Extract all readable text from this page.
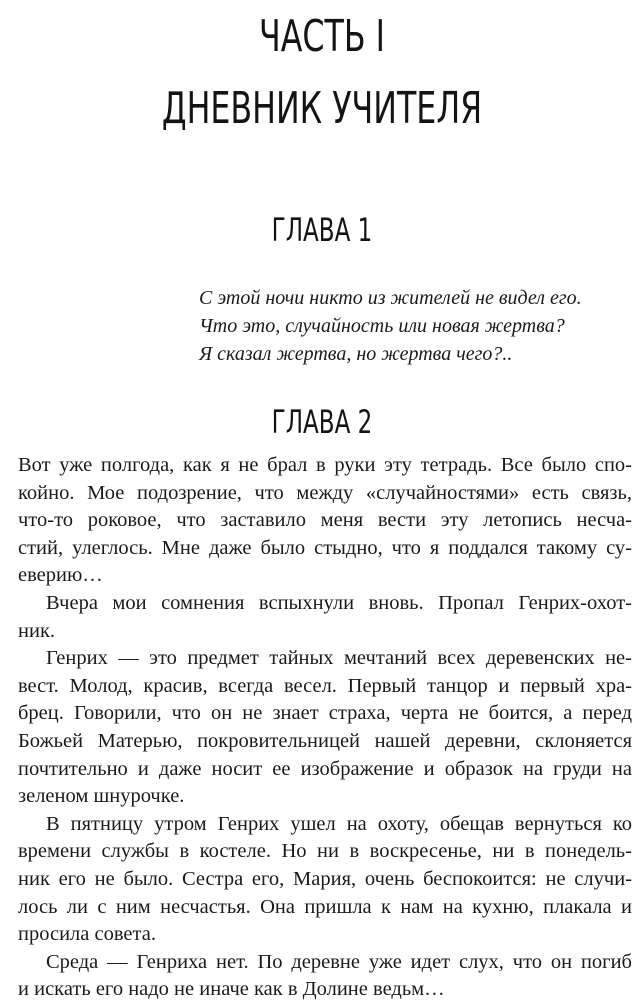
ЧАСТЬ I
ДНЕВНИК УЧИТЕЛЯ
ГЛАВА 1
С этой ночи никто из жителей не видел его.
Что это, случайность или новая жертва?
Я сказал жертва, но жертва чего?..
ГЛАВА 2

Вот уже полгода, как я не брал в руки эту тетрадь. Все было спо-
койно. Мое подозрение, что между «случайностями» есть связь,
что-то роковое, что заставило меня вести эту летопись несча-
стий, улеглось. Мне даже было стыдно, что я поддался такому су-
еверию…

Вчера мои сомнения вспыхнули вновь. Пропал Генрих-охот-
ник.

Генрих — это предмет тайных мечтаний всех деревенских не-
вест. Молод, красив, всегда весел. Первый танцор и первый хра-
брец. Говорили, что он не знает страха, черта не боится, а перед
Божьей Матерью, покровительницей нашей деревни, склоняется
почтительно и даже носит ее изображение и образок на груди на
зеленом шнурочке.

В пятницу утром Генрих ушел на охоту, обещав вернуться ко
времени службы в костеле. Но ни в воскресенье, ни в понедель-
ник его не было. Сестра его, Мария, очень беспокоится: не случи-
лось ли с ним несчастья. Она пришла к нам на кухню, плакала и
просила совета.

Среда — Генриха нет. По деревне уже идет слух, что он погиб
и искать его надо не иначе как в Долине ведьм…
